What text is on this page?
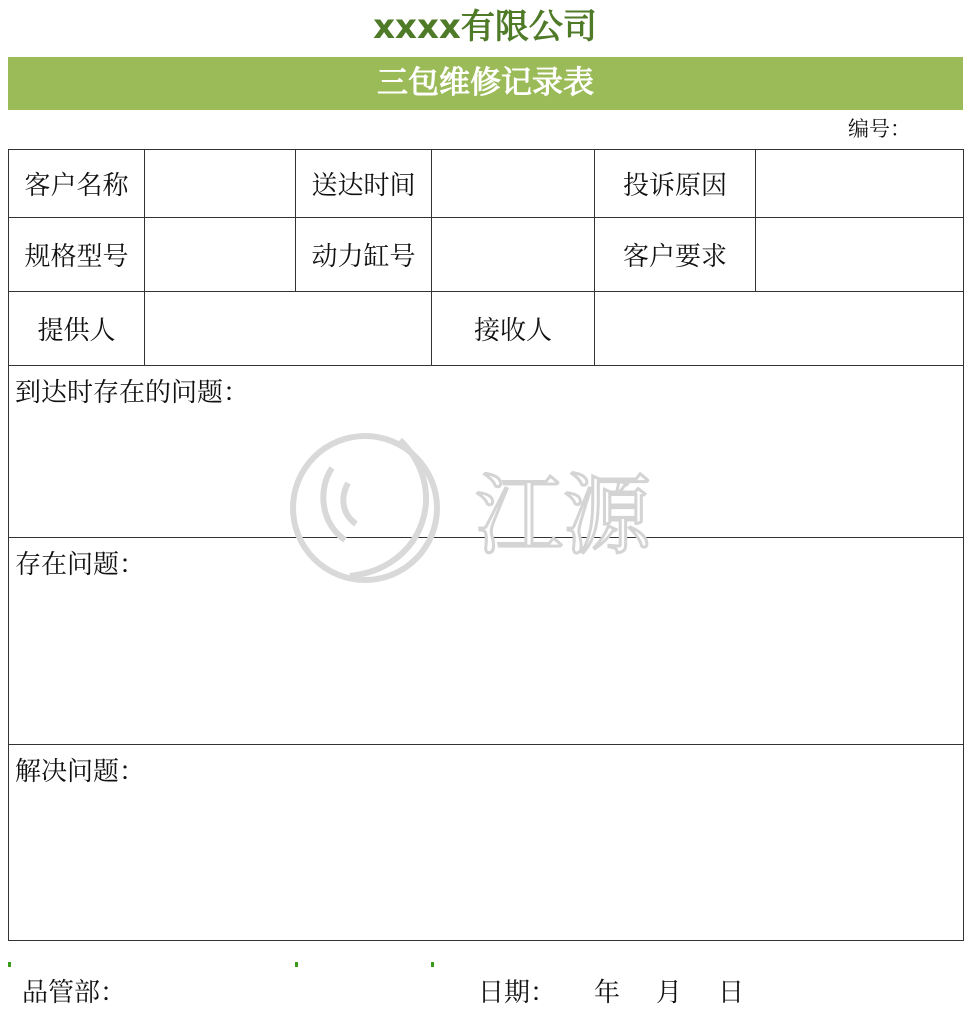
xxxx有限公司
三包维修记录表
编号：
客户名称		送达时间		投诉原因	
规格型号		动力缸号		客户要求	
提供人			接收人		
到达时存在的问题：					
存在问题：					
解决问题：					
江源
品管部：	日期： 年 月 日
